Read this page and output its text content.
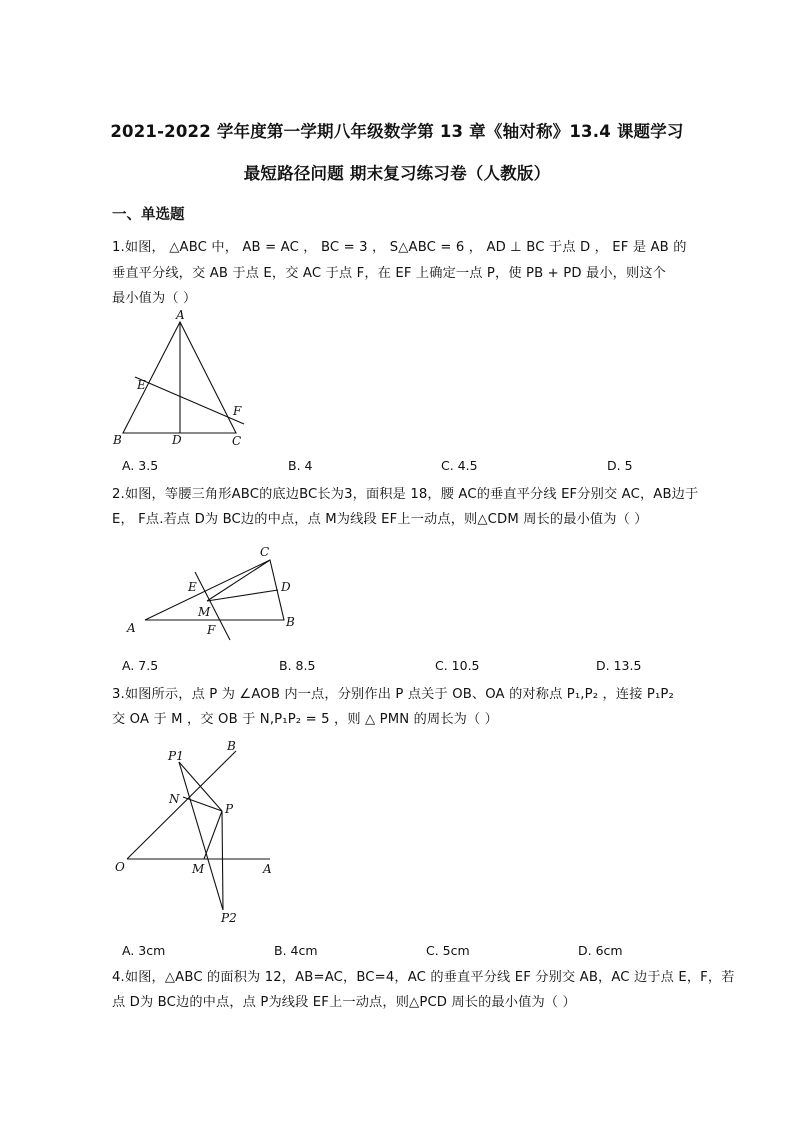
2021-2022 学年度第一学期八年级数学第 13 章《轴对称》13.4 课题学习
最短路径问题 期末复习练习卷（人教版）
一、单选题
1.如图， △ABC 中， AB = AC ， BC = 3 ， S△ABC = 6 ， AD ⊥ BC 于点 D ， EF 是 AB 的
垂直平分线，交 AB 于点 E，交 AC 于点 F，在 EF 上确定一点 P，使 PB + PD 最小，则这个
最小值为（ ）
A
B	D	C
E
F
A. 3.5	B. 4	C. 4.5	D. 5
2.如图，等腰三角形ABC的底边BC长为3，面积是 18，腰 AC的垂直平分线 EF分别交 AC，AB边于
E， F点.若点 D为 BC边的中点，点 M为线段 EF上一动点，则△CDM 周长的最小值为（ ）
C
E	D
M
A	F
B
A. 7.5	B. 8.5	C. 10.5	D. 13.5
3.如图所示，点 P 为 ∠AOB 内一点，分别作出 P 点关于 OB、OA 的对称点 P₁,P₂ ，连接 P₁P₂
交 OA 于 M ，交 OB 于 N,P₁P₂ = 5 ，则 △ PMN 的周长为（ ）
B
P1
N
P
O	M	A
P2
A. 3cm	B. 4cm	C. 5cm	D. 6cm
4.如图，△ABC 的面积为 12，AB=AC，BC=4，AC 的垂直平分线 EF 分别交 AB，AC 边于点 E，F，若
点 D为 BC边的中点，点 P为线段 EF上一动点，则△PCD 周长的最小值为（ ）
